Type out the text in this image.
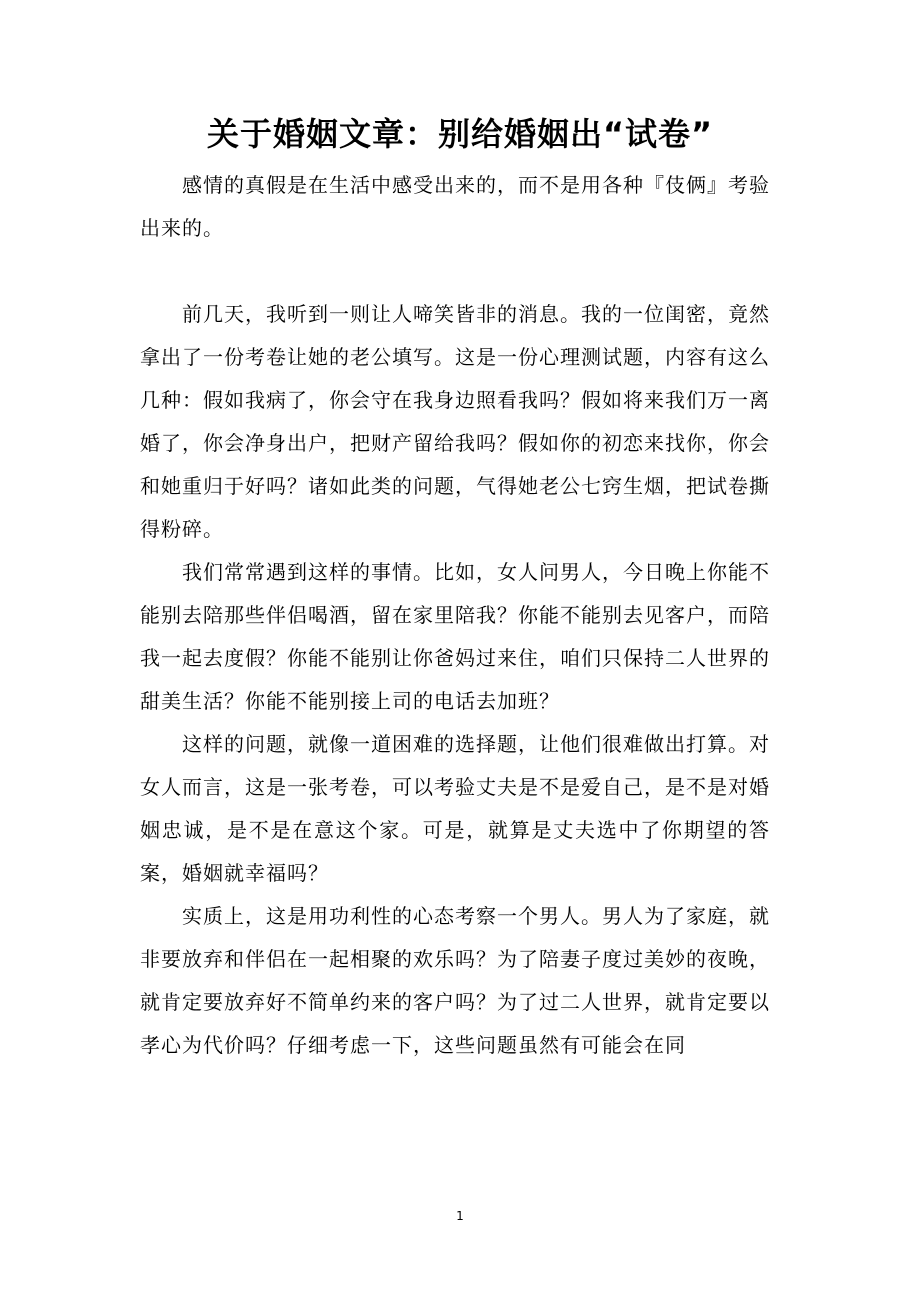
关于婚姻文章：别给婚姻出“试卷”

感情的真假是在生活中感受出来的，而不是用各种『伎俩』考验出来的。

前几天，我听到一则让人啼笑皆非的消息。我的一位闺密，竟然拿出了一份考卷让她的老公填写。这是一份心理测试题，内容有这么几种：假如我病了，你会守在我身边照看我吗？假如将来我们万一离婚了，你会净身出户，把财产留给我吗？假如你的初恋来找你，你会和她重归于好吗？诸如此类的问题，气得她老公七窍生烟，把试卷撕得粉碎。

我们常常遇到这样的事情。比如，女人问男人，今日晚上你能不能别去陪那些伴侣喝酒，留在家里陪我？你能不能别去见客户，而陪我一起去度假？你能不能别让你爸妈过来住，咱们只保持二人世界的甜美生活？你能不能别接上司的电话去加班？

这样的问题，就像一道困难的选择题，让他们很难做出打算。对女人而言，这是一张考卷，可以考验丈夫是不是爱自己，是不是对婚姻忠诚，是不是在意这个家。可是，就算是丈夫选中了你期望的答案，婚姻就幸福吗？

实质上，这是用功利性的心态考察一个男人。男人为了家庭，就非要放弃和伴侣在一起相聚的欢乐吗？为了陪妻子度过美妙的夜晚，就肯定要放弃好不简单约来的客户吗？为了过二人世界，就肯定要以孝心为代价吗？仔细考虑一下，这些问题虽然有可能会在同

1
